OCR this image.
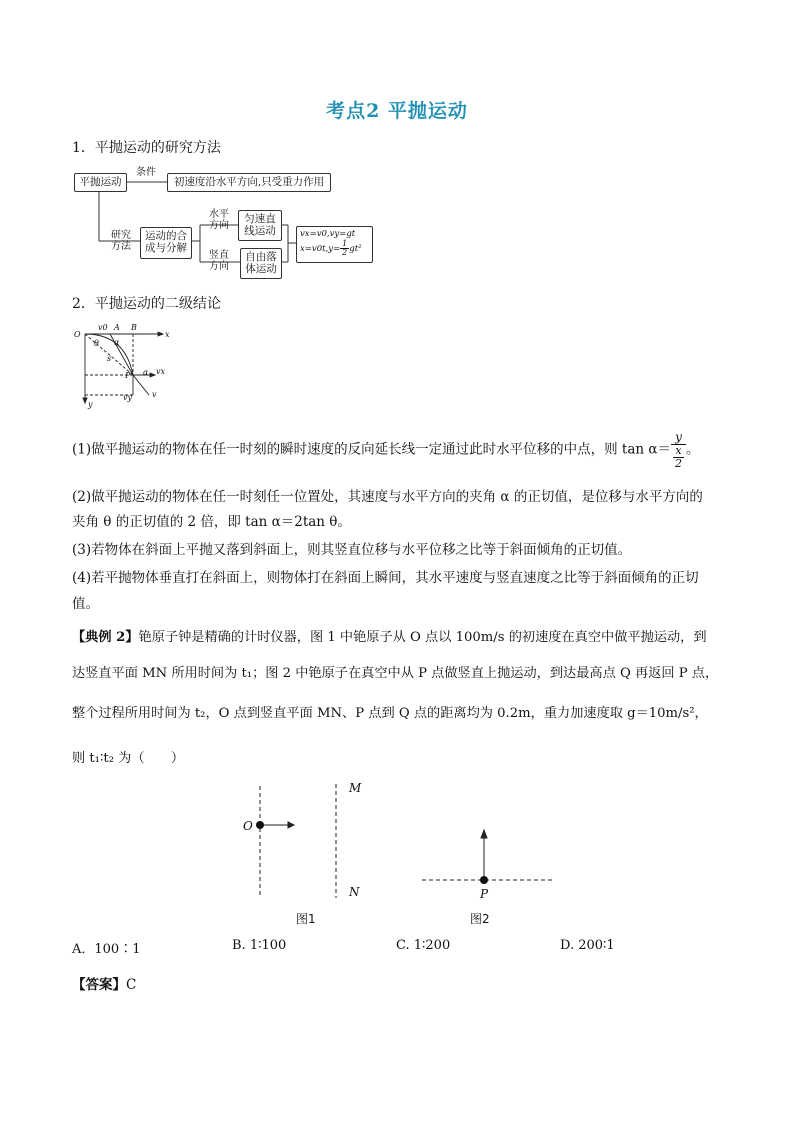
考点2 平抛运动
1．平抛运动的研究方法
平抛运动
条件
初速度沿水平方向,只受重力作用
研究
方法
运动的合
成与分解
水平
方向
竖直
方向
匀速直
线运动
自由落
体运动
vx=v0,vy=gt
$x=v0t,y= \frac{1}{2} gt^2$
2．平抛运动的二级结论
O
v0 A B
x
α
θ
s
P	vx
α
vy v
y
(1)做平抛运动的物体在任一时刻的瞬时速度的反向延长线一定通过此时水平位移的中点，则 $\tan \alpha= \frac{y}{\frac{x}{2}}$ 。
(2)做平抛运动的物体在任一时刻任一位置处，其速度与水平方向的夹角 α 的正切值，是位移与水平方向的
夹角 θ 的正切值的 2 倍，即 tan α＝2tan θ。
(3)若物体在斜面上平抛又落到斜面上，则其竖直位移与水平位移之比等于斜面倾角的正切值。
(4)若平抛物体垂直打在斜面上，则物体打在斜面上瞬间，其水平速度与竖直速度之比等于斜面倾角的正切
值。
【典例 2】铯原子钟是精确的计时仪器，图 1 中铯原子从 O 点以 100m/s 的初速度在真空中做平抛运动，到
达竖直平面 MN 所用时间为 t₁；图 2 中铯原子在真空中从 P 点做竖直上抛运动，到达最高点 Q 再返回 P 点，
整个过程所用时间为 t₂，O 点到竖直平面 MN、P 点到 Q 点的距离均为 0.2m，重力加速度取 g＝10m/s²，
则 t₁∶t₂ 为（　　）
O
M
N	P
图1	图2
A．100∶1	B. 1∶100	C. 1∶200	D. 200∶1
【答案】C
